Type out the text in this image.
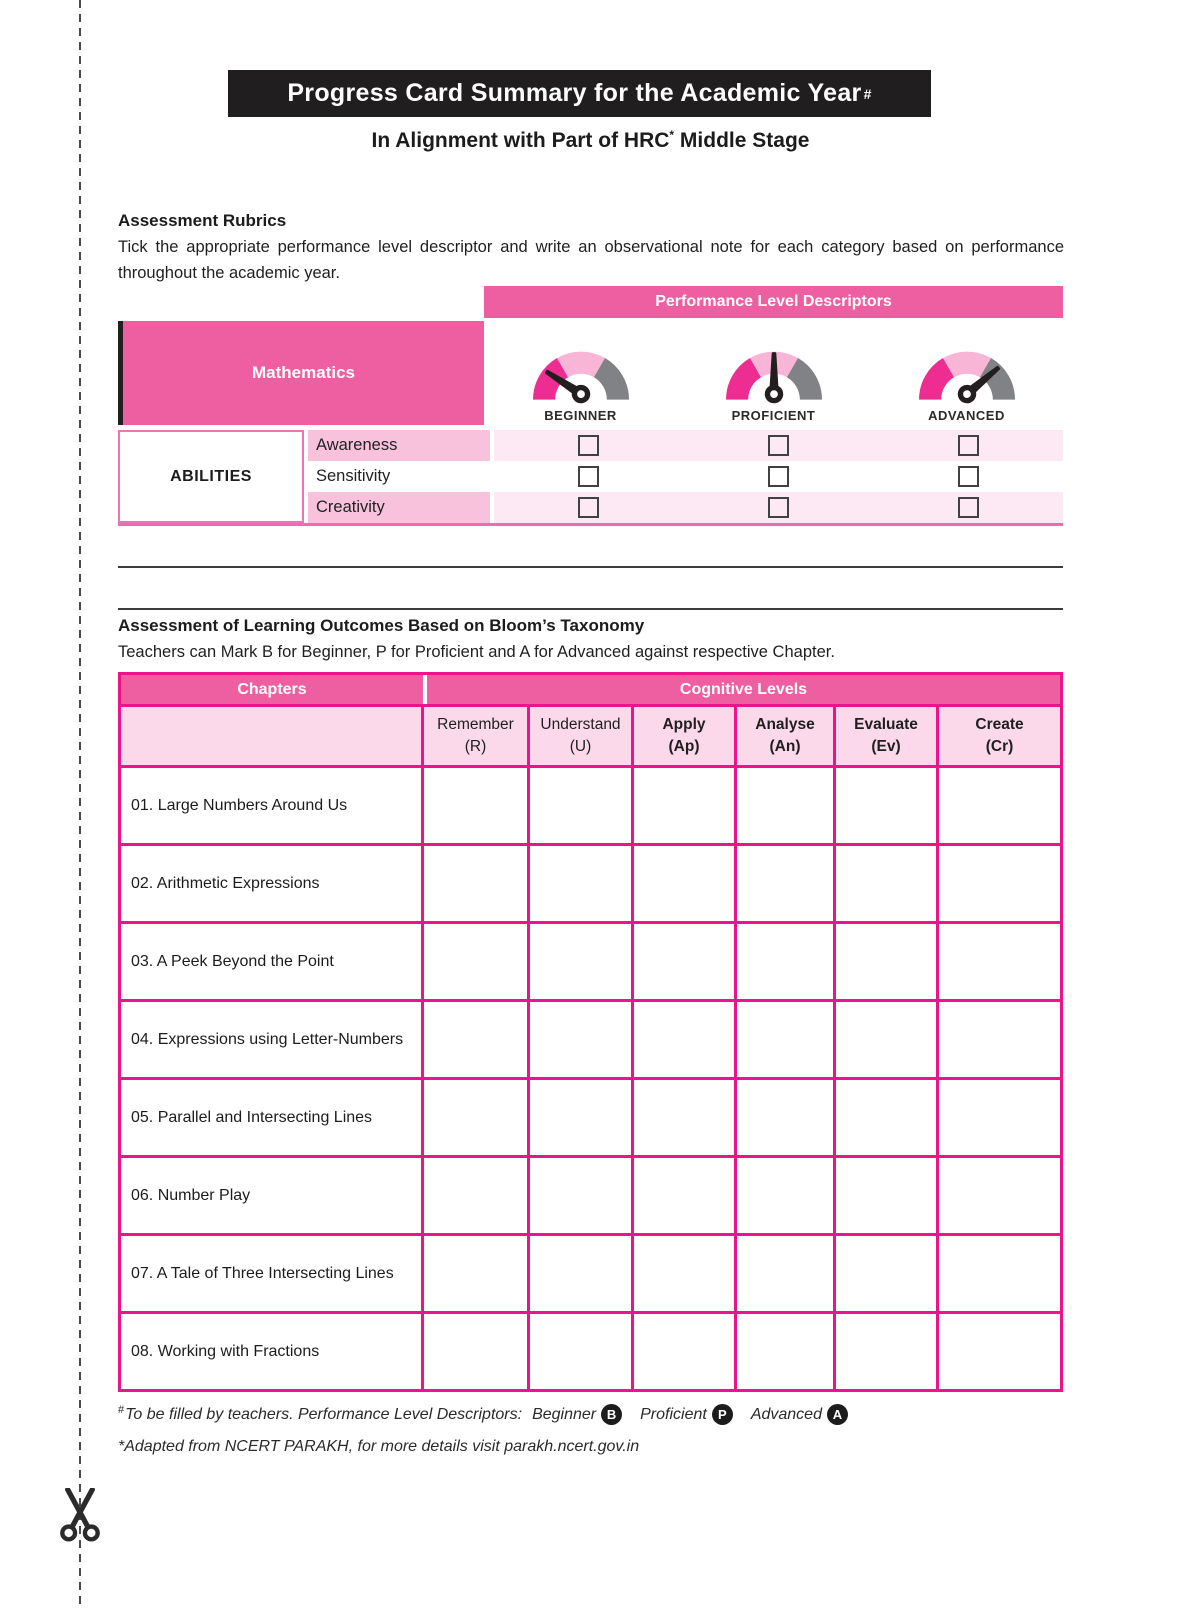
Progress Card Summary for the Academic Year #
In Alignment with Part of HRC* Middle Stage
Assessment Rubrics
Tick the appropriate performance level descriptor and write an observational note for each category based on performance throughout the academic year.
Performance Level Descriptors
Mathematics
BEGINNER	PROFICIENT	ADVANCED
ABILITIES
Awareness
Sensitivity
Creativity
Assessment of Learning Outcomes Based on Bloom’s Taxonomy
Teachers can Mark B for Beginner, P for Proficient and A for Advanced against respective Chapter.
Chapters	Cognitive Levels
Remember
(R)
Understand
(U)
Apply
(Ap)
Analyse
(An)
Evaluate
(Ev)
Create
(Cr)
01. Large Numbers Around Us
02. Arithmetic Expressions
03. A Peek Beyond the Point
04. Expressions using Letter-Numbers
05. Parallel and Intersecting Lines
06. Number Play
07. A Tale of Three Intersecting Lines
08. Working with Fractions
# To be filled by teachers. Performance Level Descriptors: Beginner B	Proficient P	Advanced A
*Adapted from NCERT PARAKH, for more details visit parakh.ncert.gov.in
